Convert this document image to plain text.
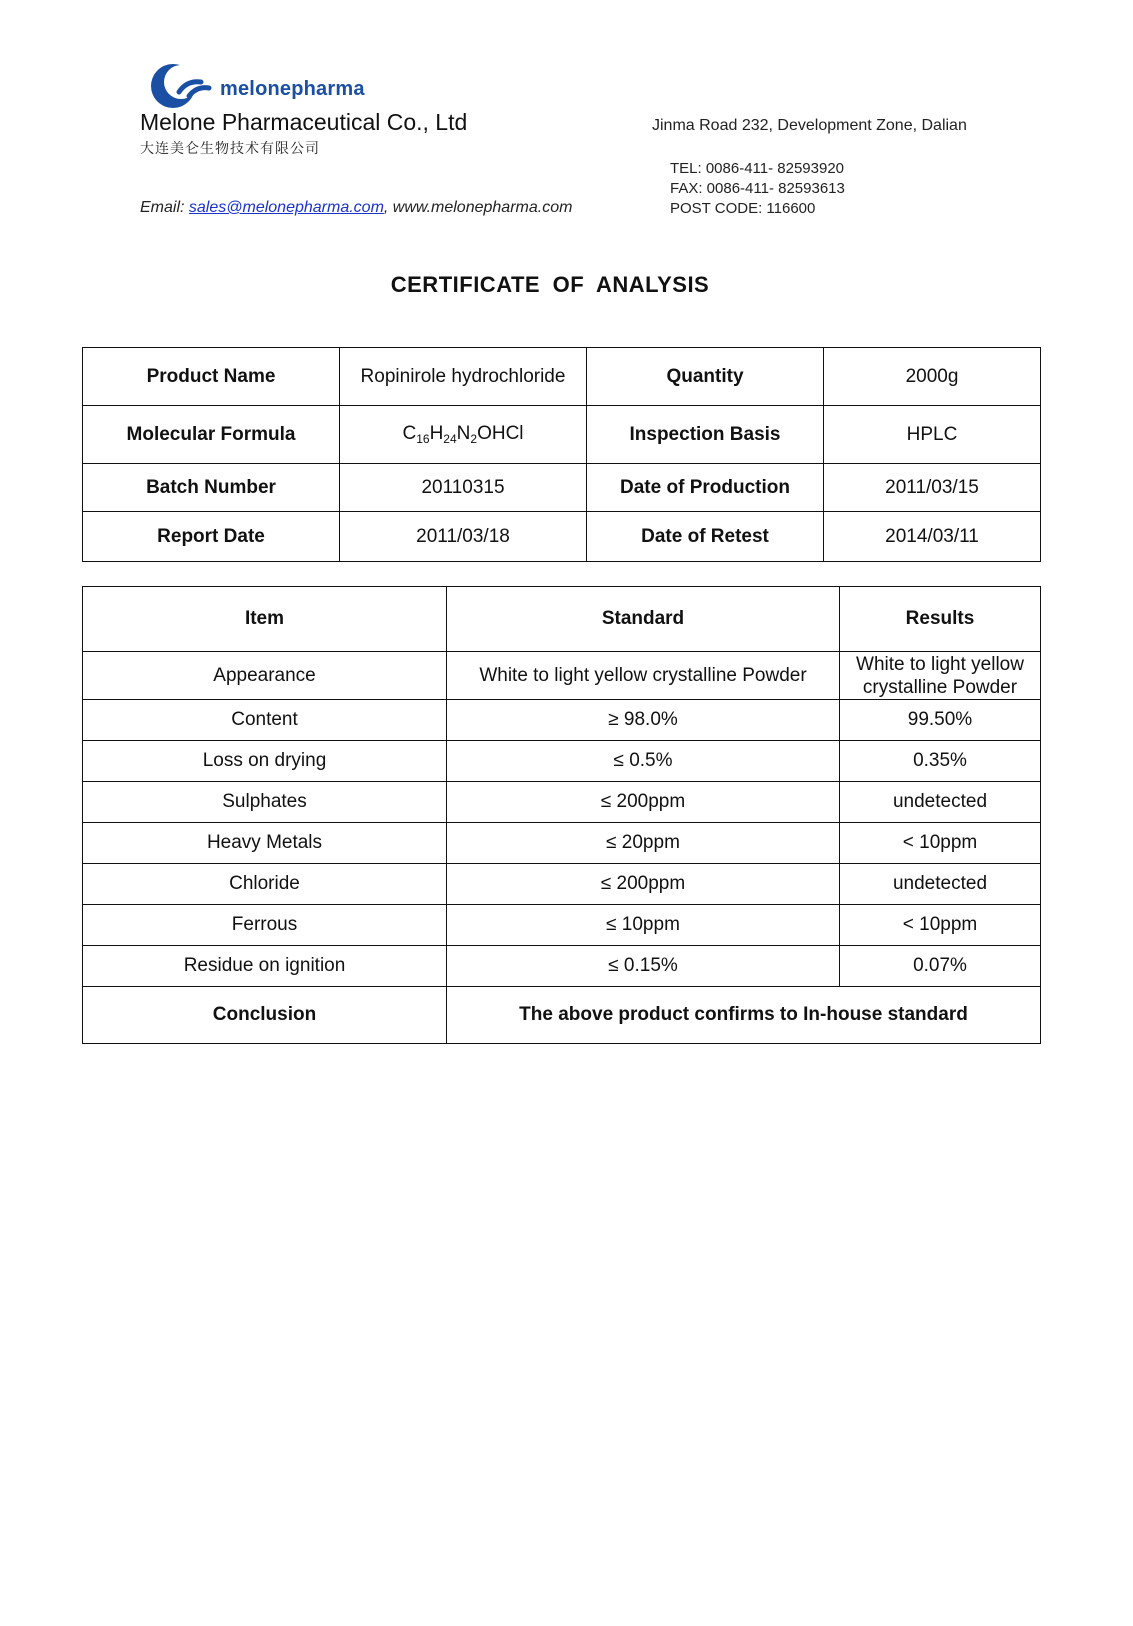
melonepharma
Melone Pharmaceutical Co., Ltd
大连美仑生物技术有限公司
Email: sales@melonepharma.com, www.melonepharma.com
Jinma Road 232, Development Zone, Dalian
TEL: 0086-411- 82593920
FAX: 0086-411- 82593613
POST CODE: 116600
CERTIFICATE OF ANALYSIS
Product Name	Ropinirole hydrochloride	Quantity	2000g
Molecular Formula	$C_{16}H_{24}N_2OHCl$	Inspection Basis	HPLC
Batch Number	20110315	Date of Production	2011/03/15
Report Date	2011/03/18	Date of Retest	2014/03/11
Item	Standard	Results
Appearance	White to light yellow crystalline Powder	White to light yellow
crystalline Powder

Content	≥ 98.0%	99.50%
Loss on drying	≤ 0.5%	0.35%
Sulphates	≤ 200ppm	undetected
Heavy Metals	≤ 20ppm	< 10ppm
Chloride	≤ 200ppm	undetected
Ferrous	≤ 10ppm	< 10ppm
Residue on ignition	≤ 0.15%	0.07%
Conclusion	The above product confirms to In-house standard	
